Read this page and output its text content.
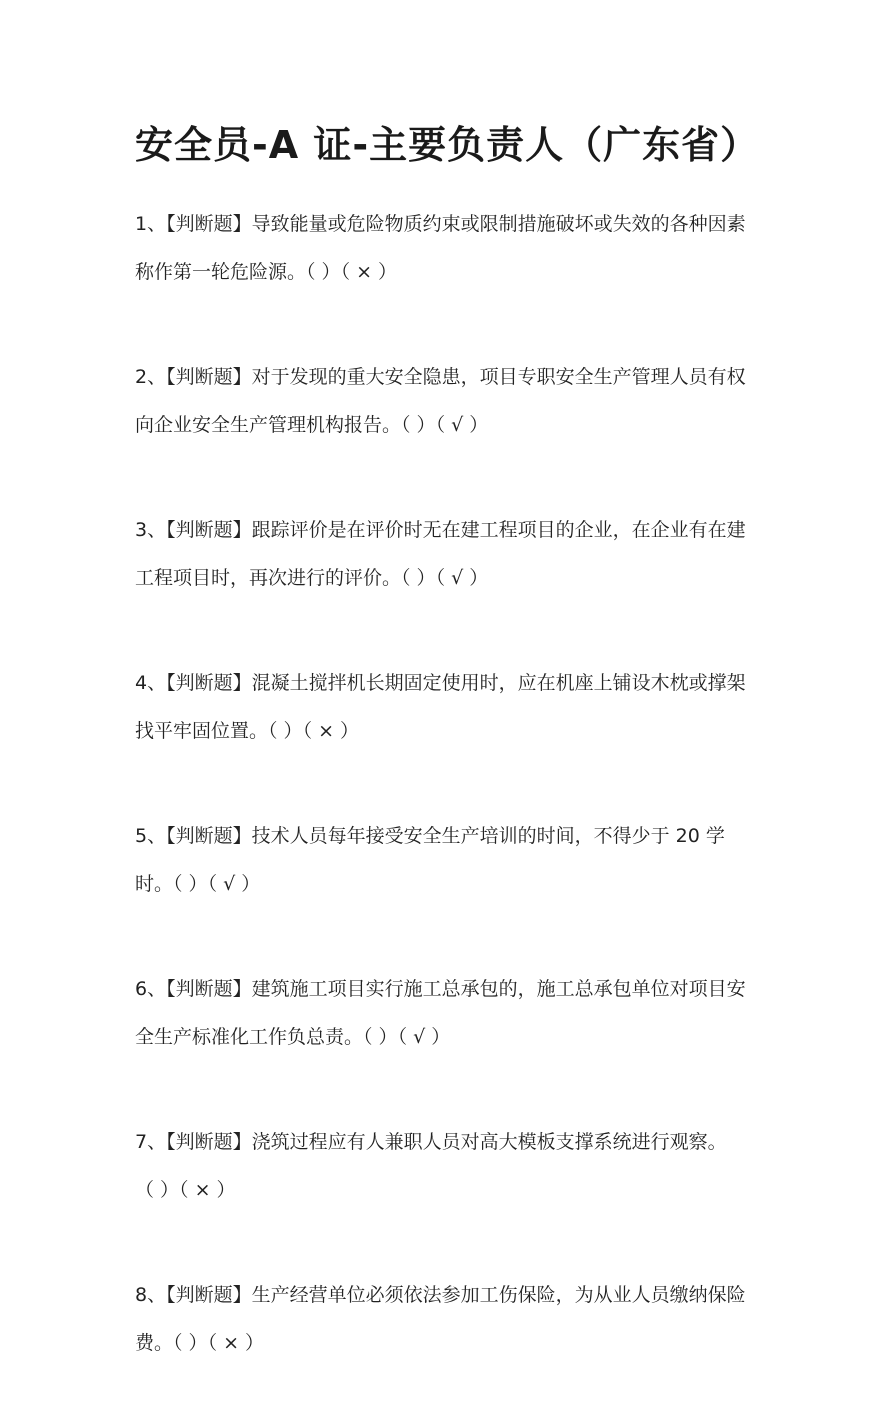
安全员-A 证-主要负责人（广东省）

1、【判断题】导致能量或危险物质约束或限制措施破坏或失效的各种因素称作第一轮危险源。（ ）（ × ）

2、【判断题】对于发现的重大安全隐患，项目专职安全生产管理人员有权向企业安全生产管理机构报告。（ ）（ √ ）

3、【判断题】跟踪评价是在评价时无在建工程项目的企业，在企业有在建工程项目时，再次进行的评价。（ ）（ √ ）

4、【判断题】混凝土搅拌机长期固定使用时，应在机座上铺设木枕或撑架找平牢固位置。（ ）（ × ）

5、【判断题】技术人员每年接受安全生产培训的时间，不得少于 20 学时。（ ）（ √ ）

6、【判断题】建筑施工项目实行施工总承包的，施工总承包单位对项目安全生产标准化工作负总责。（ ）（ √ ）

7、【判断题】浇筑过程应有人兼职人员对高大模板支撑系统进行观察。（ ）（ × ）

8、【判断题】生产经营单位必须依法参加工伤保险，为从业人员缴纳保险费。（ ）（ × ）
